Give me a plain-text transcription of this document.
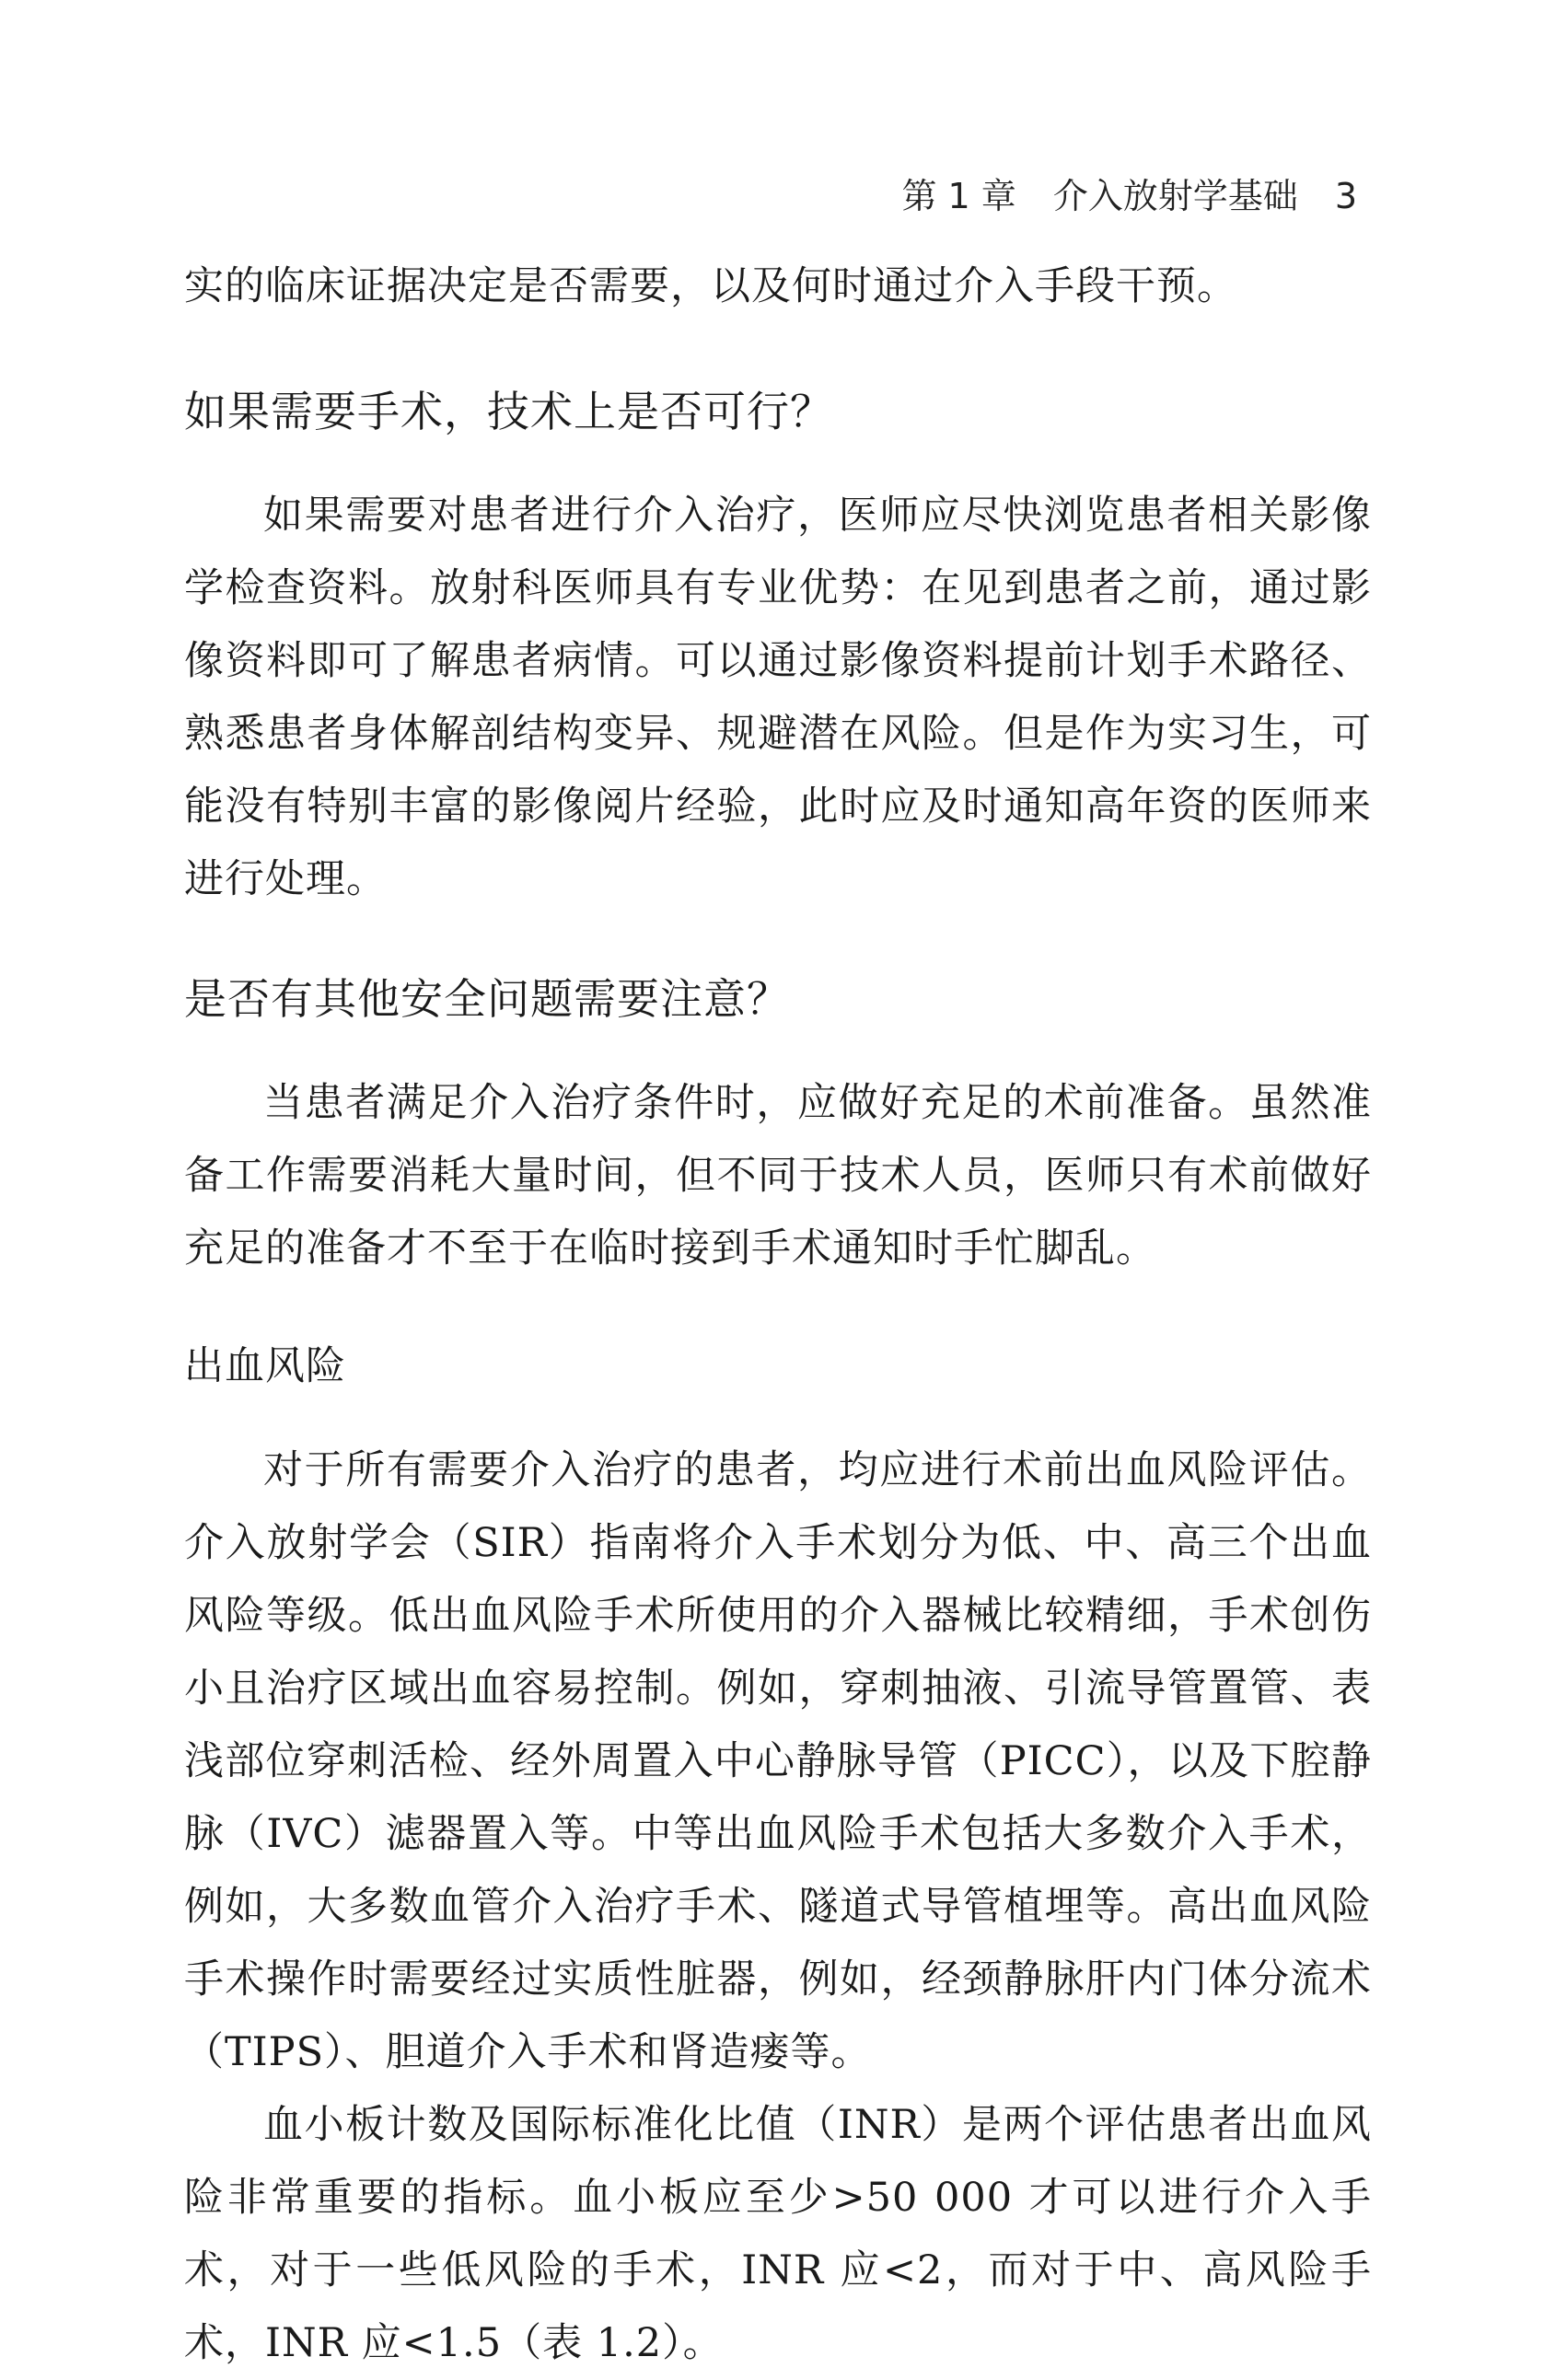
第 1 章 介入放射学基础 3

实的临床证据决定是否需要，以及何时通过介入手段干预。

如果需要手术，技术上是否可行？

如果需要对患者进行介入治疗，医师应尽快浏览患者相关影像学检查资料。放射科医师具有专业优势：在见到患者之前，通过影像资料即可了解患者病情。可以通过影像资料提前计划手术路径、熟悉患者身体解剖结构变异、规避潜在风险。但是作为实习生，可能没有特别丰富的影像阅片经验，此时应及时通知高年资的医师来进行处理。

是否有其他安全问题需要注意？

当患者满足介入治疗条件时，应做好充足的术前准备。虽然准备工作需要消耗大量时间，但不同于技术人员，医师只有术前做好充足的准备才不至于在临时接到手术通知时手忙脚乱。

出血风险

对于所有需要介入治疗的患者，均应进行术前出血风险评估。介入放射学会（SIR）指南将介入手术划分为低、中、高三个出血风险等级。低出血风险手术所使用的介入器械比较精细，手术创伤小且治疗区域出血容易控制。例如，穿刺抽液、引流导管置管、表浅部位穿刺活检、经外周置入中心静脉导管（PICC），以及下腔静脉（IVC）滤器置入等。中等出血风险手术包括大多数介入手术，例如，大多数血管介入治疗手术、隧道式导管植埋等。高出血风险手术操作时需要经过实质性脏器，例如，经颈静脉肝内门体分流术（TIPS）、胆道介入手术和肾造瘘等。

血小板计数及国际标准化比值（INR）是两个评估患者出血风险非常重要的指标。血小板应至少>50 000 才可以进行介入手术，对于一些低风险的手术，INR 应<2，而对于中、高风险手术，INR 应<1.5（表 1.2）。
